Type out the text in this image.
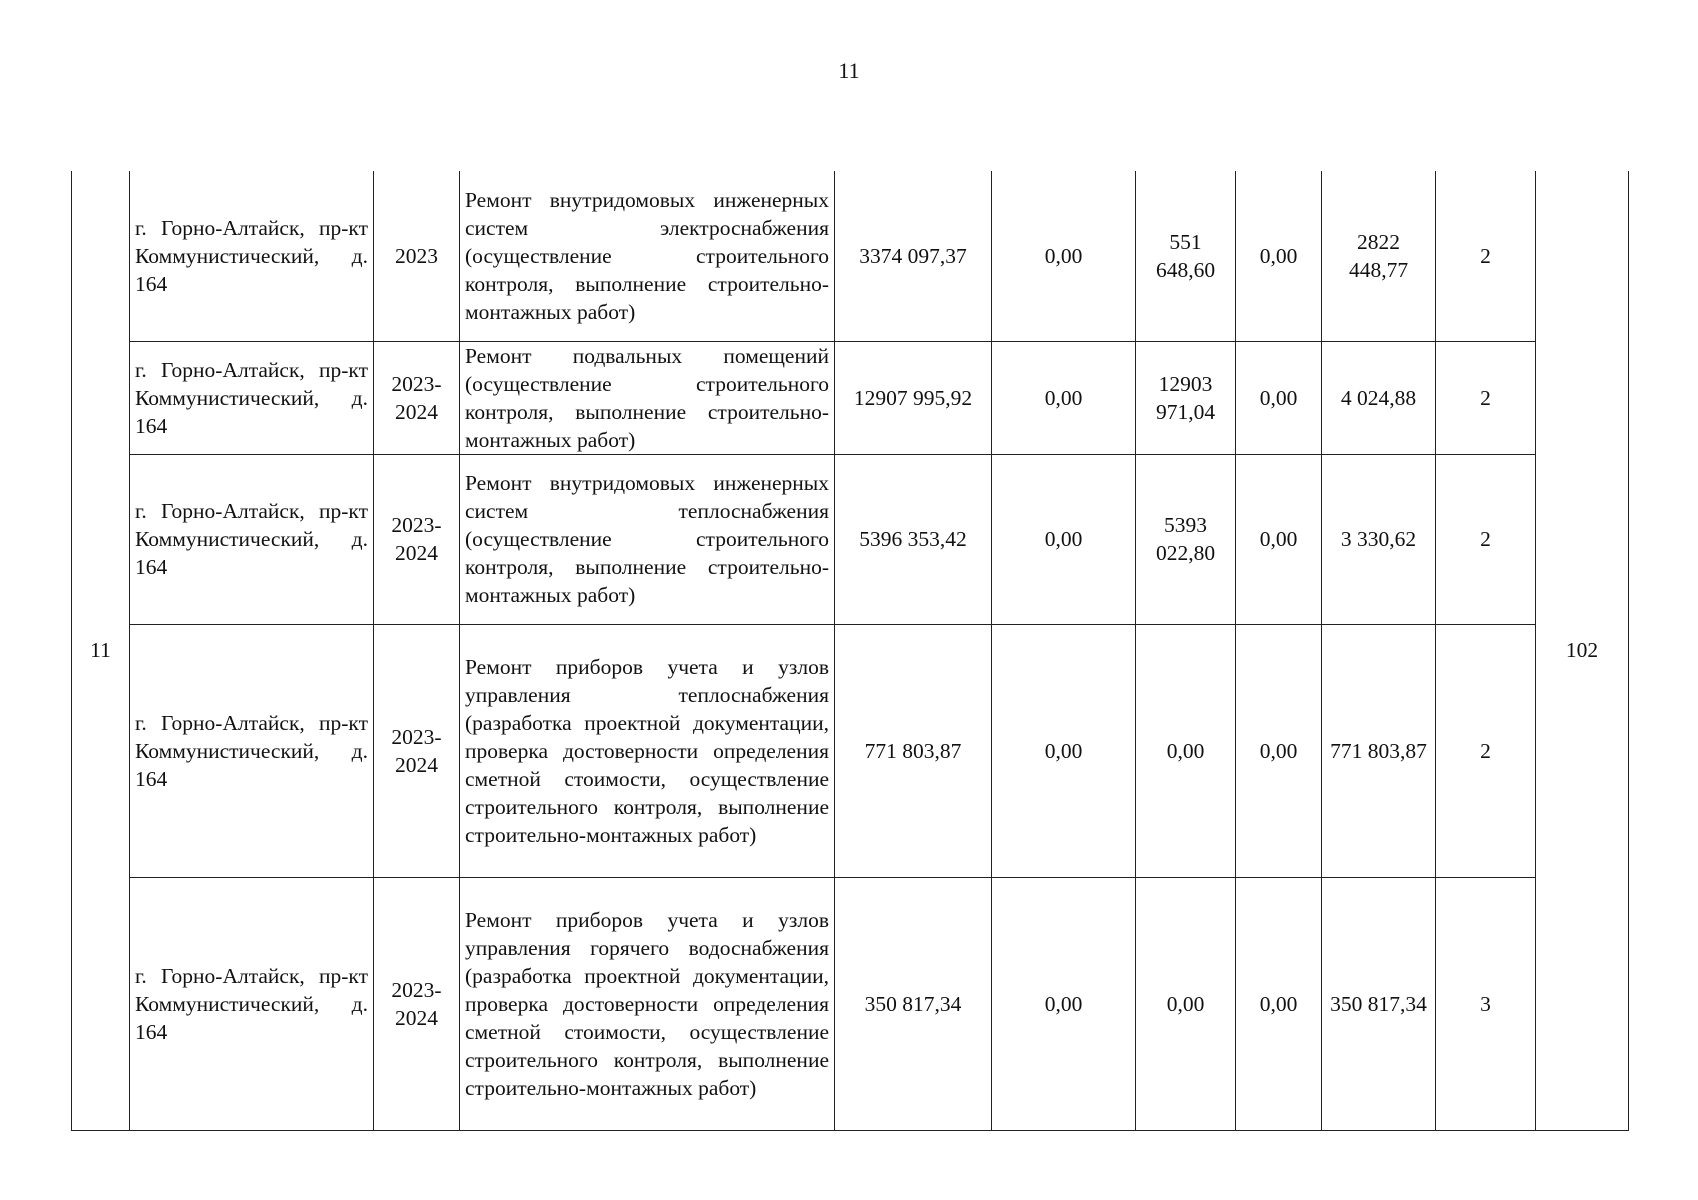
11
11	г. Горно-Алтайск, пр-кт Коммунистический, д. 164	2023	Ремонт внутридомовых инженерных систем электроснабжения (осуществление строительного контроля, выполнение строительно-монтажных работ)	3374 097,37	0,00	551 648,60	0,00	2822 448,77	2	102
	г. Горно-Алтайск, пр-кт Коммунистический, д. 164	2023-2024	Ремонт подвальных помещений (осуществление строительного контроля, выполнение строительно-монтажных работ)	12907 995,92	0,00	12903 971,04	0,00	4 024,88	2	
	г. Горно-Алтайск, пр-кт Коммунистический, д. 164	2023-2024	Ремонт внутридомовых инженерных систем теплоснабжения (осуществление строительного контроля, выполнение строительно-монтажных работ)	5396 353,42	0,00	5393 022,80	0,00	3 330,62	2	
	г. Горно-Алтайск, пр-кт Коммунистический, д. 164	2023-2024	Ремонт приборов учета и узлов управления теплоснабжения (разработка проектной документации, проверка достоверности определения сметной стоимости, осуществление строительного контроля, выполнение строительно-монтажных работ)	771 803,87	0,00	0,00	0,00	771 803,87	2	
	г. Горно-Алтайск, пр-кт Коммунистический, д. 164	2023-2024	Ремонт приборов учета и узлов управления горячего водоснабжения (разработка проектной документации, проверка достоверности определения сметной стоимости, осуществление строительного контроля, выполнение строительно-монтажных работ)	350 817,34	0,00	0,00	0,00	350 817,34	3	
